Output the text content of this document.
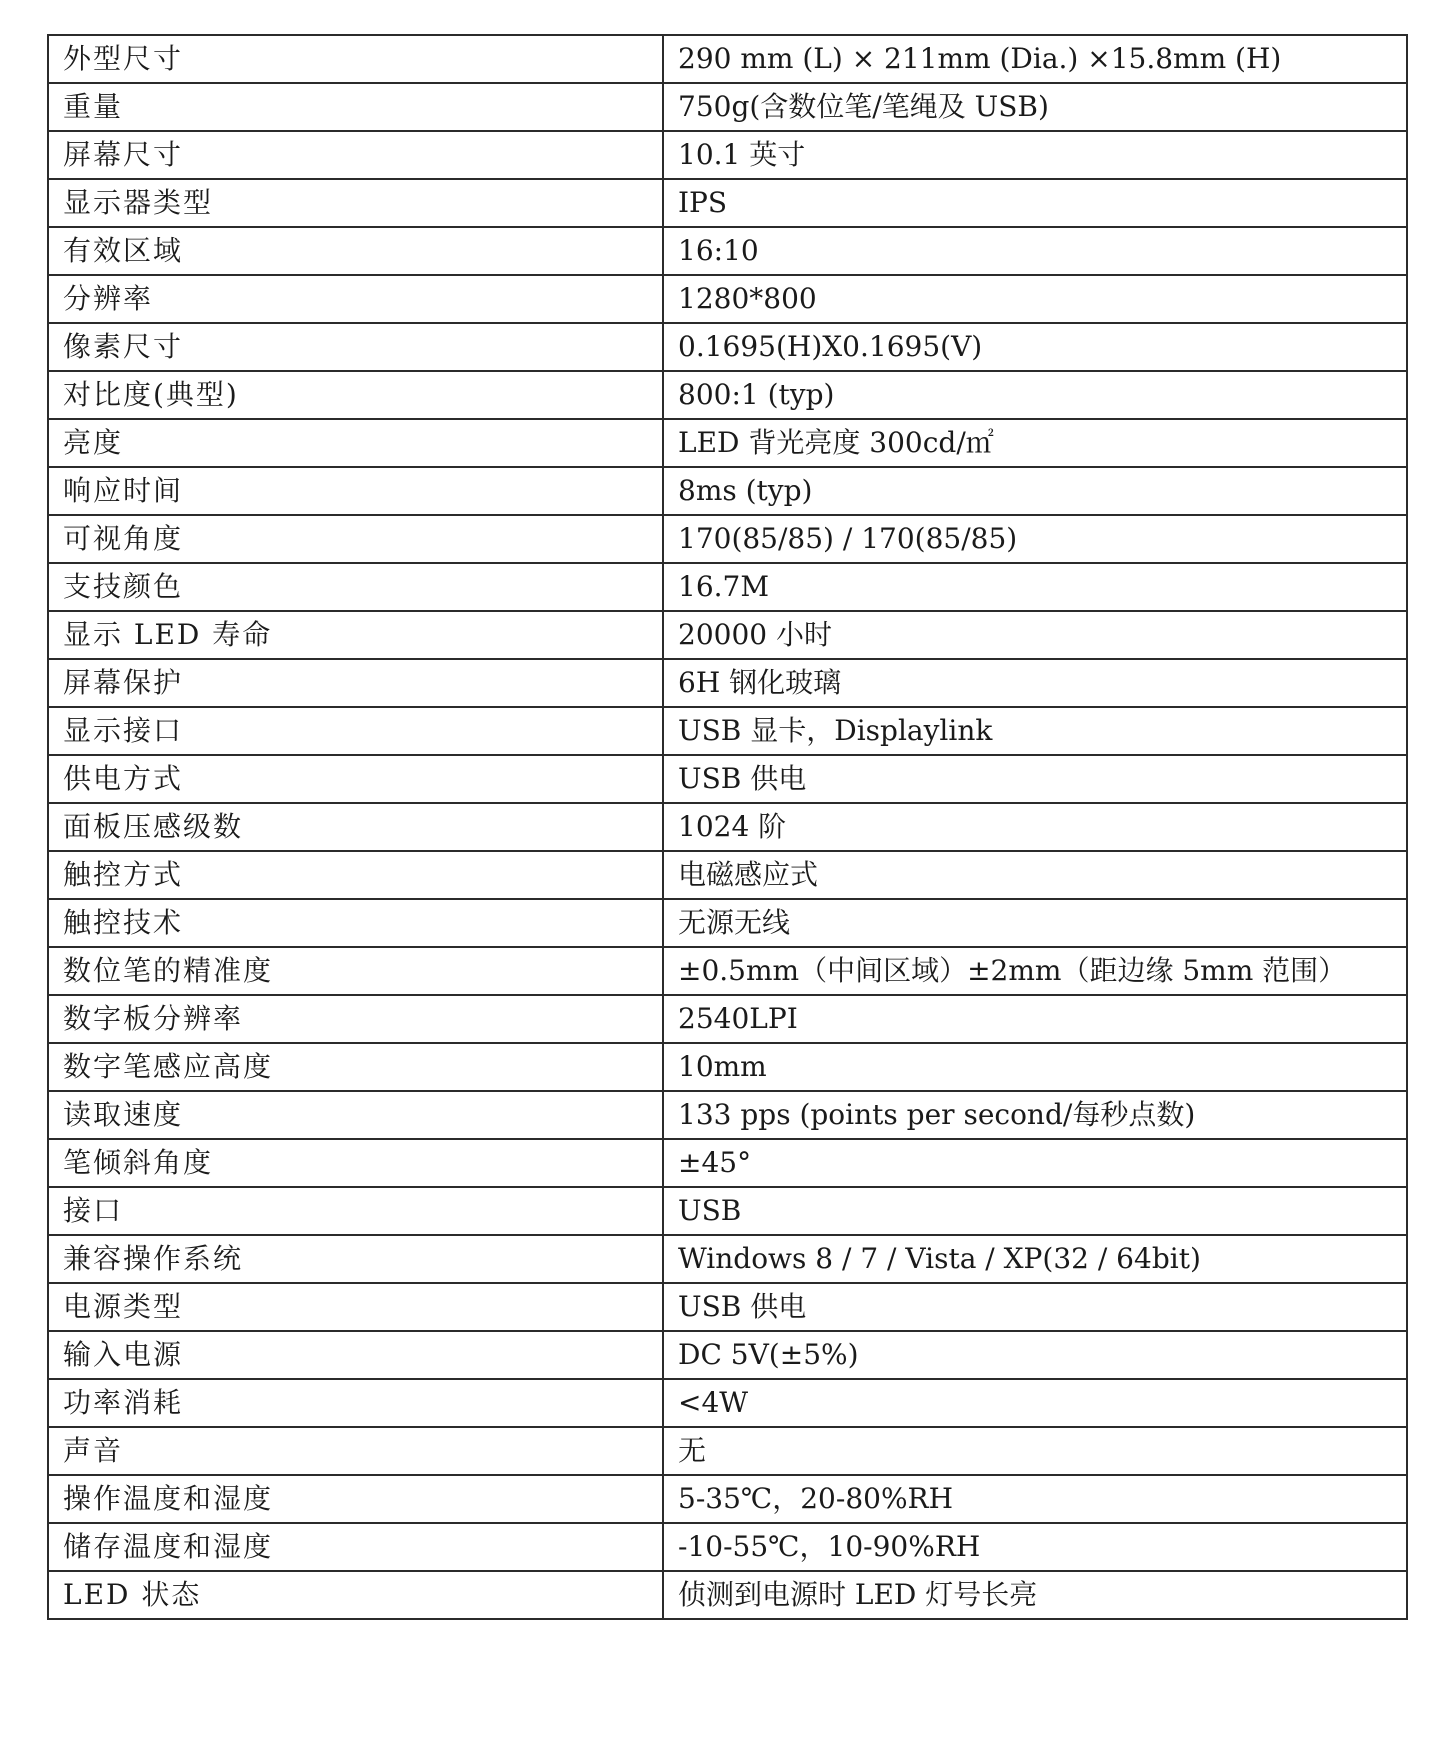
外型尺寸	290 mm (L) × 211mm (Dia.) ×15.8mm (H)
重量	750g(含数位笔/笔绳及 USB)
屏幕尺寸	10.1 英寸
显示器类型	IPS
有效区域	16:10
分辨率	1280*800
像素尺寸	0.1695(H)X0.1695(V)
对比度(典型)	800:1 (typ)
亮度	LED 背光亮度 300cd/㎡
响应时间	8ms (typ)
可视角度	170(85/85) / 170(85/85)
支技颜色	16.7M
显示 LED 寿命	20000 小时
屏幕保护	6H 钢化玻璃
显示接口	USB 显卡，Displaylink
供电方式	USB 供电
面板压感级数	1024 阶
触控方式	电磁感应式
触控技术	无源无线
数位笔的精准度	±0.5mm（中间区域）±2mm（距边缘 5mm 范围）
数字板分辨率	2540LPI
数字笔感应高度	10mm
读取速度	133 pps (points per second/每秒点数)
笔倾斜角度	±45°
接口	USB
兼容操作系统	Windows 8 / 7 / Vista / XP(32 / 64bit)
电源类型	USB 供电
输入电源	DC 5V(±5%)
功率消耗	<4W
声音	无
操作温度和湿度	5-35℃，20-80%RH
储存温度和湿度	-10-55℃，10-90%RH
LED 状态	侦测到电源时 LED 灯号长亮
